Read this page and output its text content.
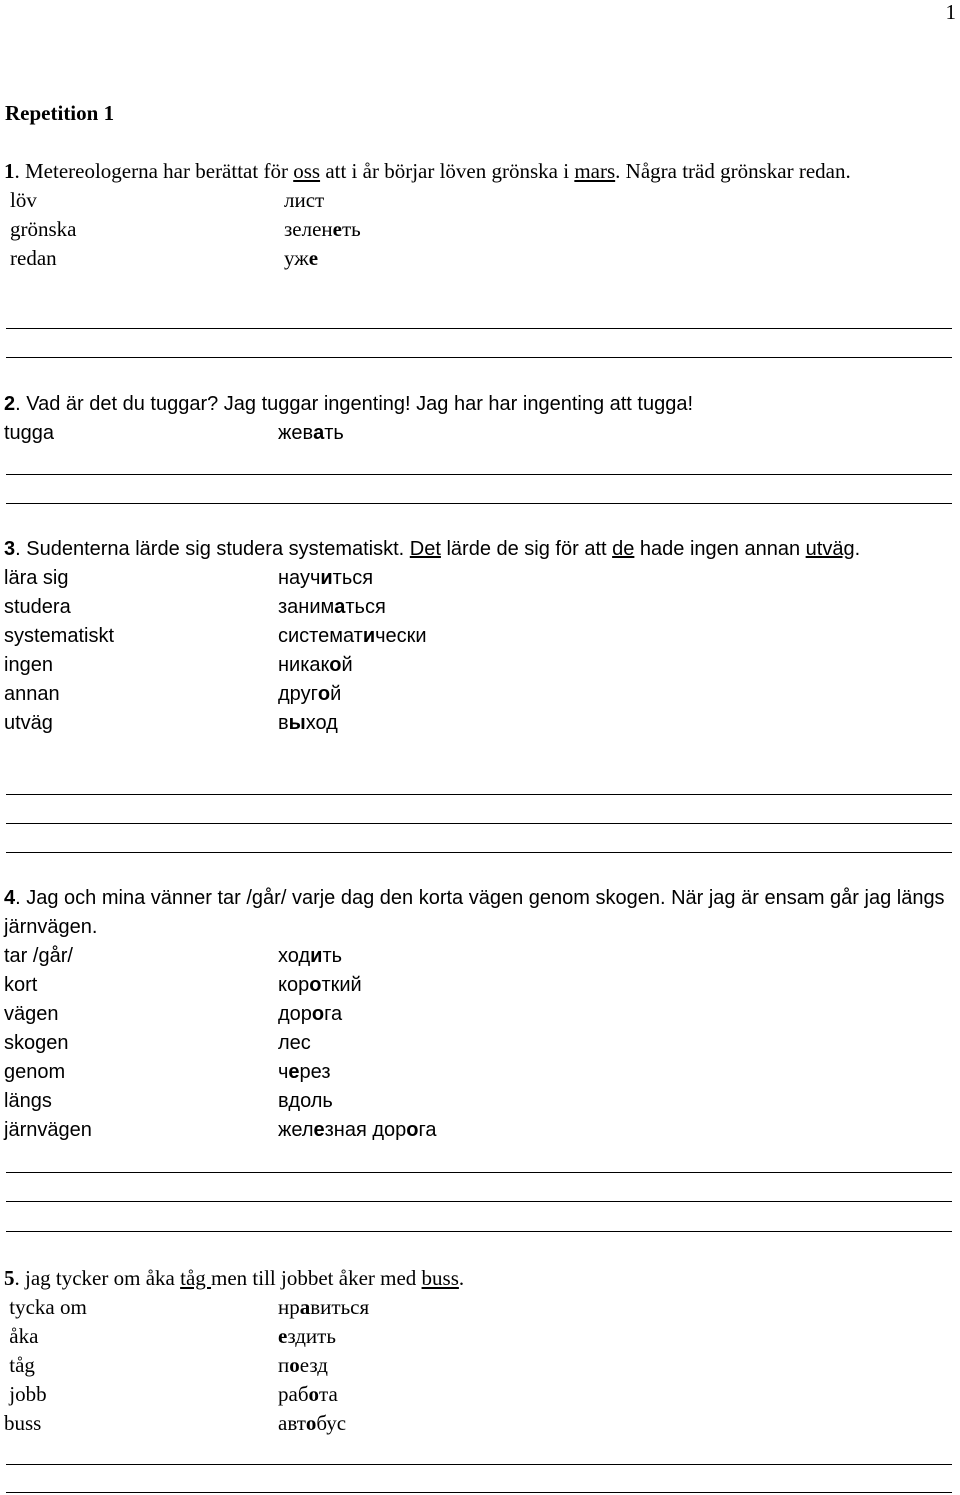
1
Repetition 1

1. Metereologerna har berättat för oss att i år börjar löven grönska i mars. Några träd grönskar redan.

löv	лист
grönska	зеленеть
redan	уже

2. Vad är det du tuggar? Jag tuggar ingenting! Jag har har ingenting att tugga!

tugga	жевать

3. Sudenterna lärde sig studera systematiskt. Det lärde de sig för att de hade ingen annan utväg.

lära sig	научиться
studera	заниматься
systematiskt	систематически
ingen	никакой
annan	другой
utväg	выход

4. Jag och mina vänner tar /går/ varje dag den korta vägen genom skogen. När jag är ensam går jag längs järnvägen.

tar /går/	ходить
kort	короткий
vägen	дорога
skogen	лес
genom	через
längs	вдоль
järnvägen	железная дорога

5. jag tycker om åka tåg men till jobbet åker med buss.

tycka om	нравиться
åka	ездить
tåg	поезд
jobb	работа
buss	автобус
